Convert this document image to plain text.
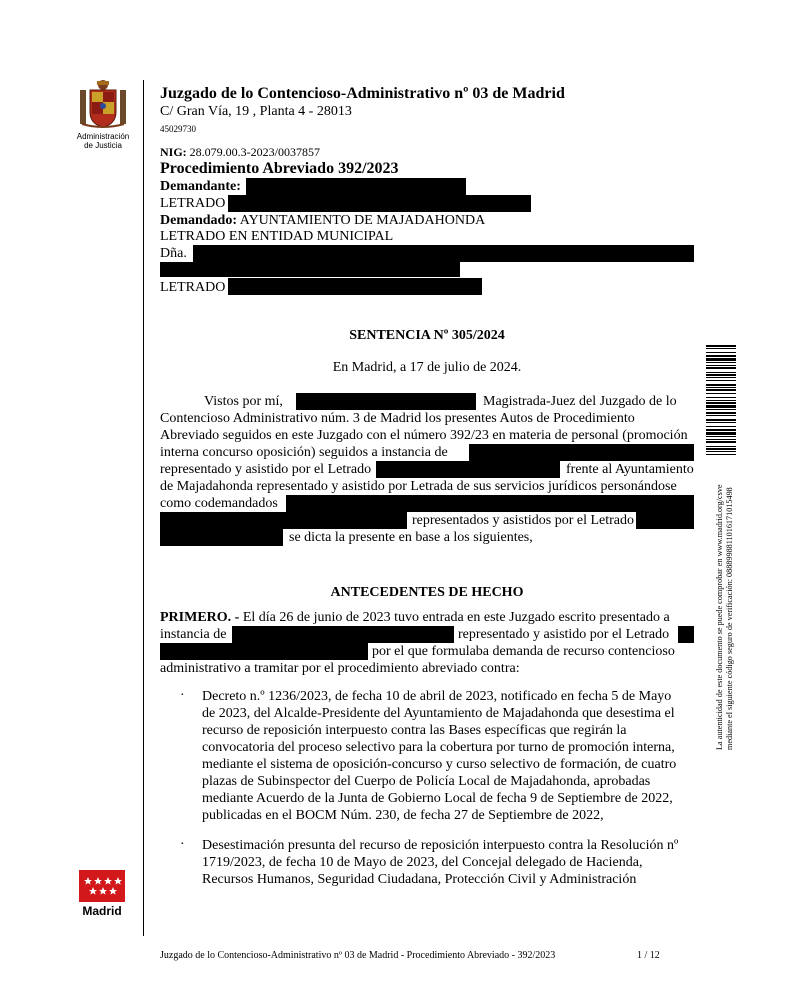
Administración
de Justicia
Madrid
Juzgado de lo Contencioso-Administrativo nº 03 de Madrid
C/ Gran Vía, 19 , Planta 4 - 28013
45029730
NIG: 28.079.00.3-2023/0037857
Procedimiento Abreviado 392/2023
Demandante:
LETRADO
Demandado: AYUNTAMIENTO DE MAJADAHONDA
LETRADO EN ENTIDAD MUNICIPAL
Dña.
LETRADO
SENTENCIA Nº 305/2024
En Madrid, a 17 de julio de 2024.
Vistos por mí,	Magistrada-Juez del Juzgado de lo
Contencioso Administrativo núm. 3 de Madrid los presentes Autos de Procedimiento
Abreviado seguidos en este Juzgado con el número 392/23 en materia de personal (promoción
interna concurso oposición) seguidos a instancia de
representado y asistido por el Letrado	frente al Ayuntamiento
de Majadahonda representado y asistido por Letrada de sus servicios jurídicos personándose
como codemandados
representados y asistidos por el Letrado
se dicta la presente en base a los siguientes,
ANTECEDENTES DE HECHO
PRIMERO. - El día 26 de junio de 2023 tuvo entrada en este Juzgado escrito presentado a
instancia de	representado y asistido por el Letrado
por el que formulaba demanda de recurso contencioso
administrativo a tramitar por el procedimiento abreviado contra:
· Decreto n.º 1236/2023, de fecha 10 de abril de 2023, notificado en fecha 5 de Mayo
de 2023, del Alcalde-Presidente del Ayuntamiento de Majadahonda que desestima el
recurso de reposición interpuesto contra las Bases específicas que regirán la
convocatoria del proceso selectivo para la cobertura por turno de promoción interna,
mediante el sistema de oposición-concurso y curso selectivo de formación, de cuatro
plazas de Subinspector del Cuerpo de Policía Local de Majadahonda, aprobadas
mediante Acuerdo de la Junta de Gobierno Local de fecha 9 de Septiembre de 2022,
publicadas en el BOCM Núm. 230, de fecha 27 de Septiembre de 2022,
· Desestimación presunta del recurso de reposición interpuesto contra la Resolución nº
1719/2023, de fecha 10 de Mayo de 2023, del Concejal delegado de Hacienda,
Recursos Humanos, Seguridad Ciudadana, Protección Civil y Administración
La autenticidad de este documento se puede comprobar en www.madrid.org/csve mediante el siguiente código seguro de verificación: 0888998811016171015498
Juzgado de lo Contencioso-Administrativo nº 03 de Madrid - Procedimiento Abreviado - 392/2023	1 / 12
